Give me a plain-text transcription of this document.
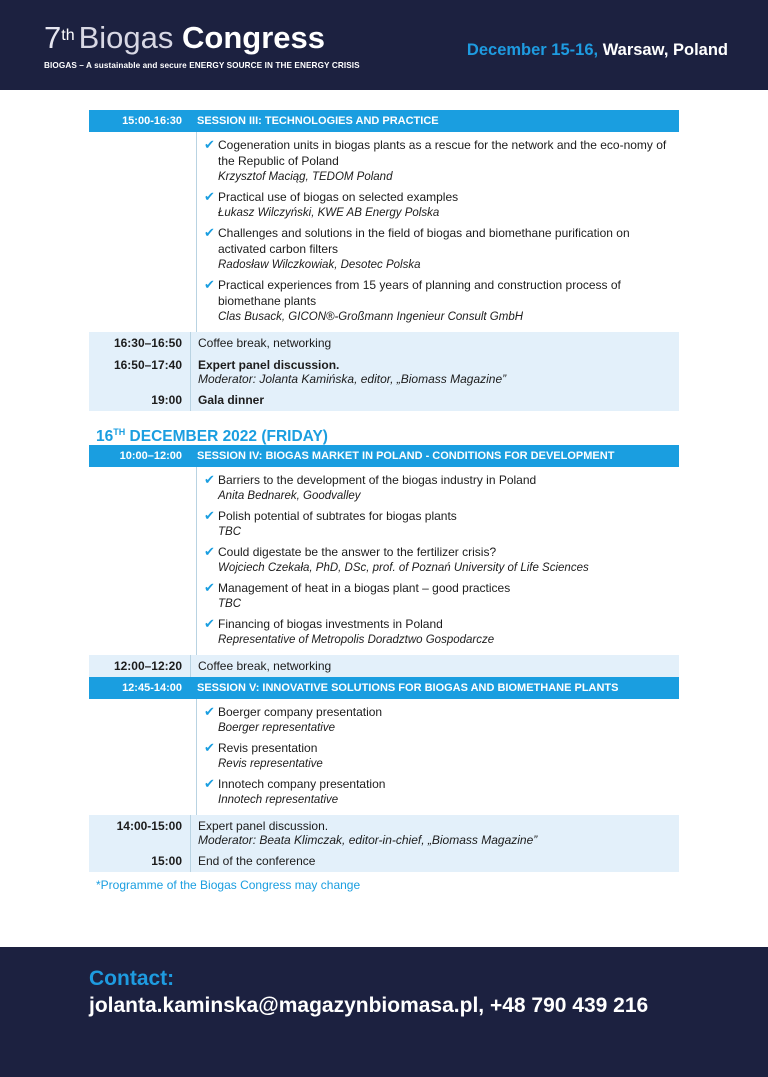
7th Biogas Congress
BIOGAS – A sustainable and secure ENERGY SOURCE IN THE ENERGY CRISIS
December 15-16, Warsaw, Poland
15:00-16:30	SESSION III: TECHNOLOGIES AND PRACTICE
✔ Cogeneration units in biogas plants as a rescue for the network and the eco-nomy of the Republic of Poland
Krzysztof Maciąg, TEDOM Poland
✔ Practical use of biogas on selected examples
Łukasz Wilczyński, KWE AB Energy Polska
✔ Challenges and solutions in the field of biogas and biomethane purification on activated carbon filters
Radosław Wilczkowiak, Desotec Polska
✔ Practical experiences from 15 years of planning and construction process of biomethane plants
Clas Busack, GICON®-Großmann Ingenieur Consult GmbH
16:30–16:50	Coffee break, networking
16:50–17:40	Expert panel discussion.
Moderator: Jolanta Kamińska, editor, „Biomass Magazine”
19:00	Gala dinner
16TH DECEMBER 2022 (FRIDAY)
10:00–12:00	SESSION IV: BIOGAS MARKET IN POLAND - CONDITIONS FOR DEVELOPMENT
✔ Barriers to the development of the biogas industry in Poland
Anita Bednarek, Goodvalley
✔ Polish potential of subtrates for biogas plants
TBC
✔ Could digestate be the answer to the fertilizer crisis?
Wojciech Czekała, PhD, DSc, prof. of Poznań University of Life Sciences
✔ Management of heat in a biogas plant – good practices
TBC
✔ Financing of biogas investments in Poland
Representative of Metropolis Doradztwo Gospodarcze
12:00–12:20	Coffee break, networking
12:45-14:00	SESSION V: INNOVATIVE SOLUTIONS FOR BIOGAS AND BIOMETHANE PLANTS
✔ Boerger company presentation
Boerger representative
✔ Revis presentation
Revis representative
✔ Innotech company presentation
Innotech representative
14:00-15:00	Expert panel discussion.
Moderator: Beata Klimczak, editor-in-chief, „Biomass Magazine”
15:00	End of the conference
*Programme of the Biogas Congress may change
Contact:
jolanta.kaminska@magazynbiomasa.pl, +48 790 439 216
